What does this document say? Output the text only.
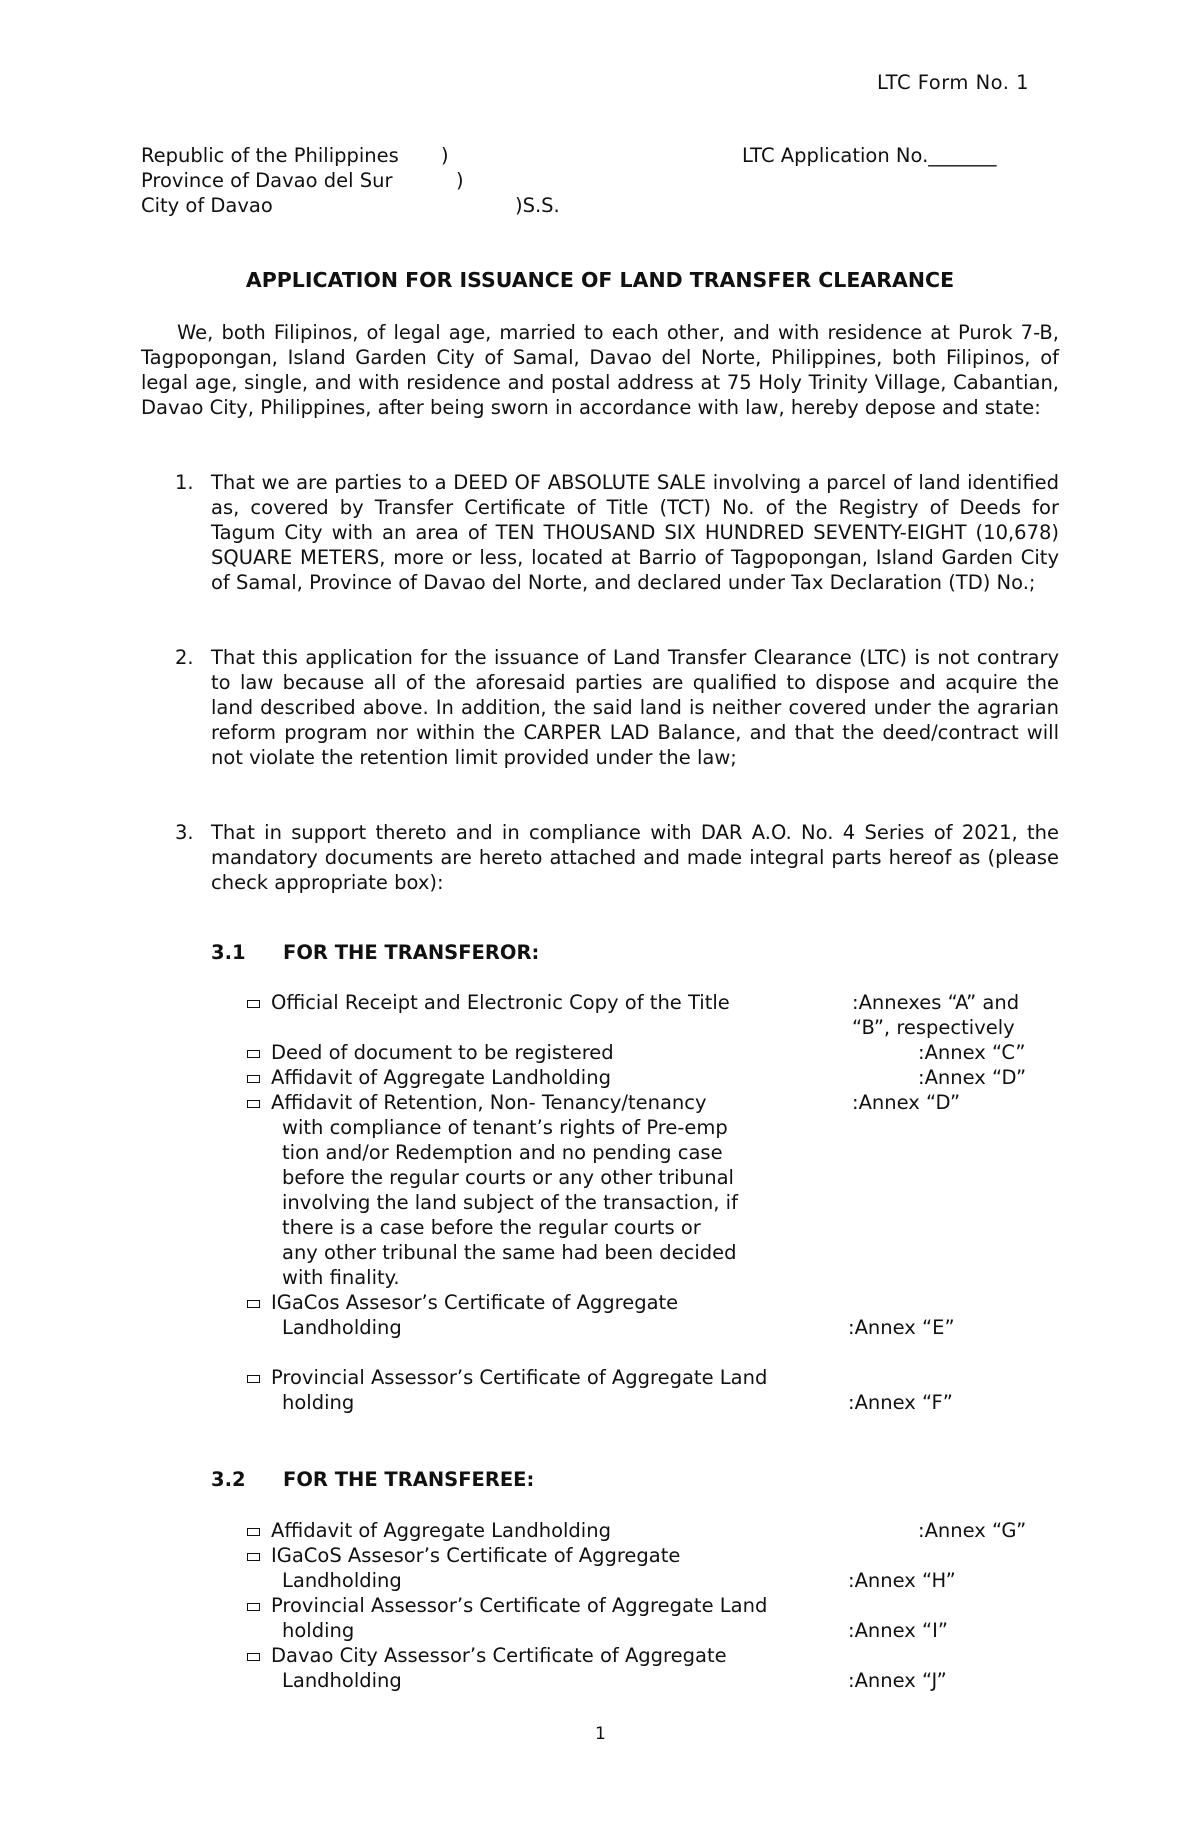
LTC Form No. 1
Republic of the Philippines )
Province of Davao del Sur	)
City of Davao	)S.S.
LTC Application No._______
APPLICATION FOR ISSUANCE OF LAND TRANSFER CLEARANCE
We, both Filipinos, of legal age, married to each other, and with residence at Purok 7-B, Tagpopongan, Island Garden City of Samal, Davao del Norte, Philippines, both Filipinos, of legal age, single, and with residence and postal address at 75 Holy Trinity Village, Cabantian, Davao City, Philippines, after being sworn in accordance with law, hereby depose and state:
1. That we are parties to a DEED OF ABSOLUTE SALE involving a parcel of land identified as, covered by Transfer Certificate of Title (TCT) No. of the Registry of Deeds for Tagum City with an area of TEN THOUSAND SIX HUNDRED SEVENTY-EIGHT (10,678) SQUARE METERS, more or less, located at Barrio of Tagpopongan, Island Garden City of Samal, Province of Davao del Norte, and declared under Tax Declaration (TD) No.;
2. That this application for the issuance of Land Transfer Clearance (LTC) is not contrary to law because all of the aforesaid parties are qualified to dispose and acquire the land described above. In addition, the said land is neither covered under the agrarian reform program nor within the CARPER LAD Balance, and that the deed/contract will not violate the retention limit provided under the law;
3. That in support thereto and in compliance with DAR A.O. No. 4 Series of 2021, the mandatory documents are hereto attached and made integral parts hereof as (please check appropriate box):
3.1 FOR THE TRANSFEROR:
Official Receipt and Electronic Copy of the Title	:Annexes “A” and
“B”, respectively
Deed of document to be registered	:Annex “C”
Affidavit of Aggregate Landholding	:Annex “D”
Affidavit of Retention, Non- Tenancy/tenancy	:Annex “D”
with compliance of tenant’s rights of Pre-emp
tion and/or Redemption and no pending case
before the regular courts or any other tribunal
involving the land subject of the transaction, if
there is a case before the regular courts or
any other tribunal the same had been decided
with finality.
IGaCos Assesor’s Certificate of Aggregate
Landholding	:Annex “E”
Provincial Assessor’s Certificate of Aggregate Land
holding	:Annex “F”
3.2 FOR THE TRANSFEREE:
Affidavit of Aggregate Landholding	:Annex “G”
IGaCoS Assesor’s Certificate of Aggregate
Landholding	:Annex “H”
Provincial Assessor’s Certificate of Aggregate Land
holding	:Annex “I”
Davao City Assessor’s Certificate of Aggregate
Landholding	:Annex “J”
1
